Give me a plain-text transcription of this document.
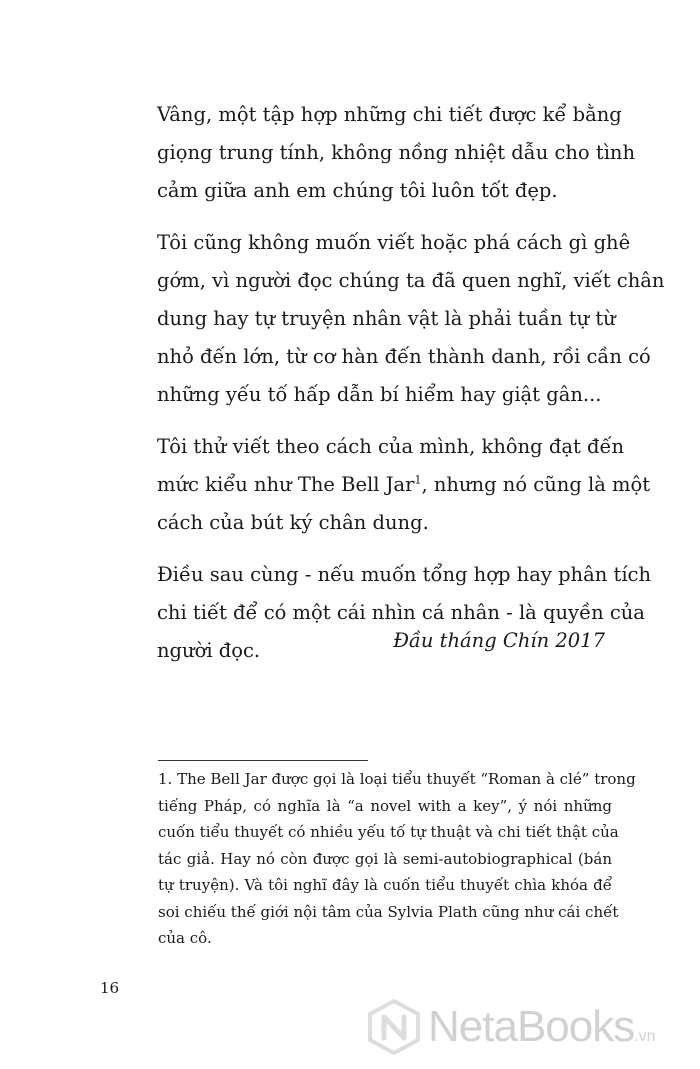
Vâng, một tập hợp những chi tiết được kể bằng
giọng trung tính, không nồng nhiệt dẫu cho tình
cảm giữa anh em chúng tôi luôn tốt đẹp.

Tôi cũng không muốn viết hoặc phá cách gì ghê
gớm, vì người đọc chúng ta đã quen nghĩ, viết chân
dung hay tự truyện nhân vật là phải tuần tự từ
nhỏ đến lớn, từ cơ hàn đến thành danh, rồi cần có
những yếu tố hấp dẫn bí hiểm hay giật gân...

Tôi thử viết theo cách của mình, không đạt đến
mức kiểu như The Bell Jar$^1$, nhưng nó cũng là một
cách của bút ký chân dung.

Điều sau cùng - nếu muốn tổng hợp hay phân tích
chi tiết để có một cái nhìn cá nhân - là quyền của
người đọc.	Đầu tháng Chín 2017
1. The Bell Jar được gọi là loại tiểu thuyết “Roman à clé” trong
tiếng Pháp, có nghĩa là “a novel with a key”, ý nói những
cuốn tiểu thuyết có nhiều yếu tố tự thuật và chi tiết thật của
tác giả. Hay nó còn được gọi là semi-autobiographical (bán
tự truyện). Và tôi nghĩ đây là cuốn tiểu thuyết chìa khóa để
soi chiếu thế giới nội tâm của Sylvia Plath cũng như cái chết
của cô.
16
NetaBooks.vn
